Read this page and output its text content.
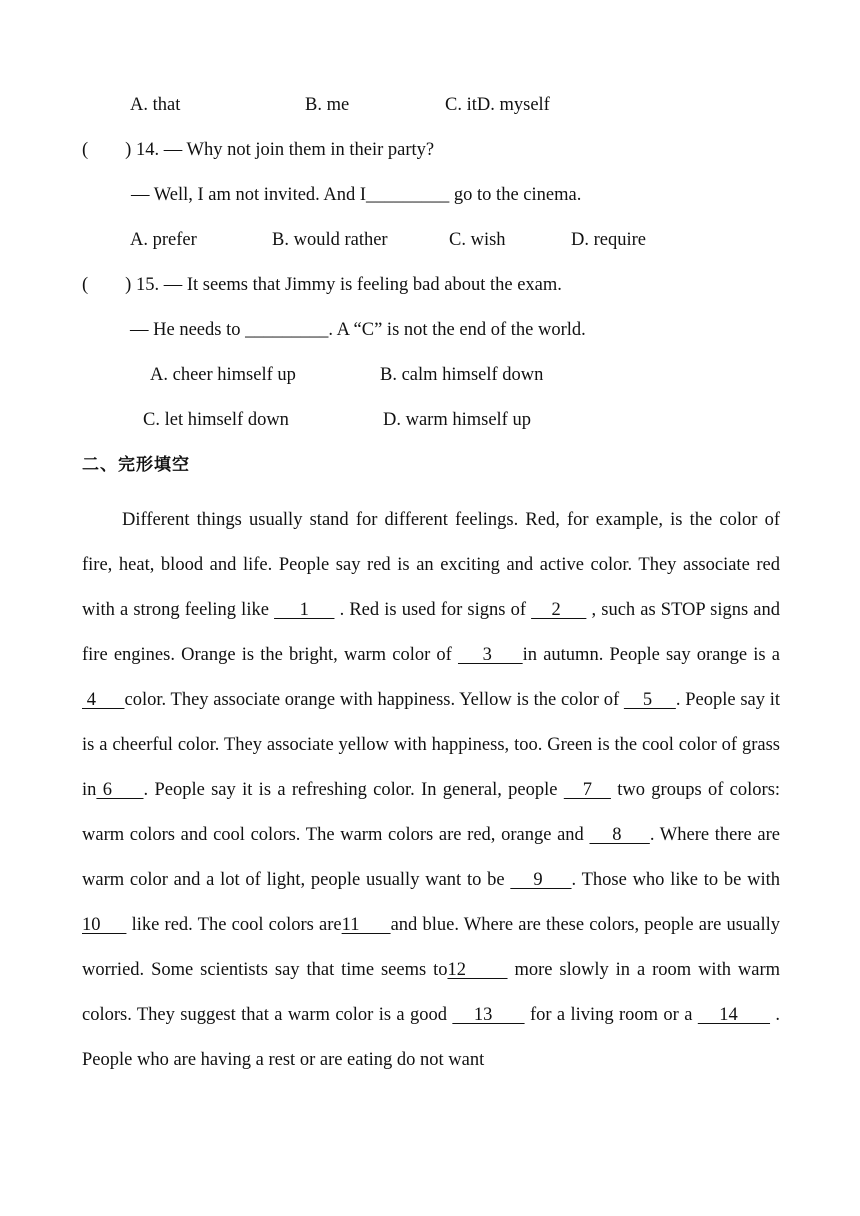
A. that	B. me	C. itD. myself
(        ) 14. — Why not join them in their party?
— Well, I am not invited. And I_________ go to the cinema.
A. prefer	B. would rather	C. wish	D. require
(        ) 15. — It seems that Jimmy is feeling bad about the exam.
— He needs to _________. A “C” is not the end of the world.
A. cheer himself up	B. calm himself down
C. let himself down	D. warm himself up
二、完形填空
Different things usually stand for different feelings. Red, for example, is the color of fire, heat, blood and life. People say red is an exciting and active color. They associate red with a strong feeling like      1      . Red is used for signs of     2      , such as STOP signs and fire engines. Orange is the bright, warm color of     3     in autumn. People say orange is a 4      color. They associate orange with happiness. Yellow is the color of     5     . People say it is a cheerful color. They associate yellow with happiness, too. Green is the cool color of grass in 6     . People say it is a refreshing color. In general, people    7    two groups of colors: warm colors and cool colors. The warm colors are red, orange and     8     . Where there are warm color and a lot of light, people usually want to be     9     . Those who like to be with 10      like red. The cool colors are11      and blue. Where are these colors, people are usually worried. Some scientists say that time seems to12       more slowly in a room with warm colors. They suggest that a warm color is a good     13       for a living room or a     14       . People who are having a rest or are eating do not want
